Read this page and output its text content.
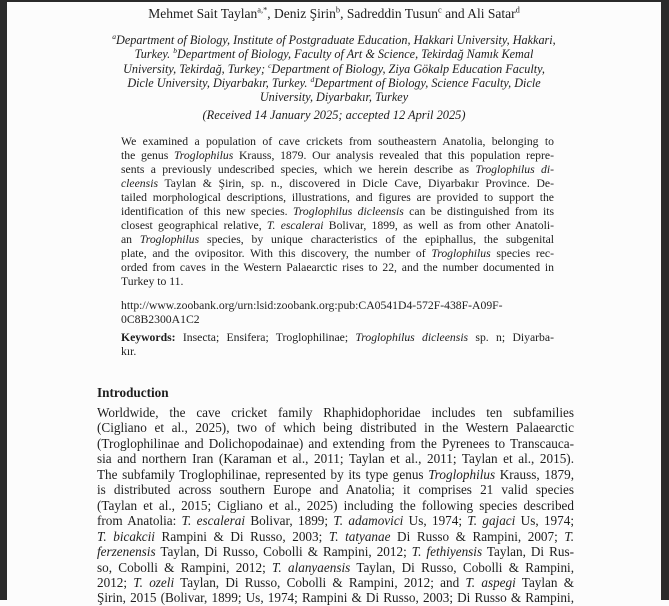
Mehmet Sait Taylan$^{a,*}$, Deniz Şirin$^b$, Sadreddin Tusun$^c$ and Ali Satar$^d$
$^a$Department of Biology, Institute of Postgraduate Education, Hakkari University, Hakkari,
Turkey. $^b$Department of Biology, Faculty of Art & Science, Tekirdağ Namık Kemal
University, Tekirdağ, Turkey; $^c$Department of Biology, Ziya Gökalp Education Faculty,
Dicle University, Diyarbakır, Turkey. $^d$Department of Biology, Science Faculty, Dicle
University, Diyarbakır, Turkey
(Received 14 January 2025; accepted 12 April 2025)
We examined a population of cave crickets from southeastern Anatolia, belonging to
the genus Troglophilus Krauss, 1879. Our analysis revealed that this population repre-
sents a previously undescribed species, which we herein describe as Troglophilus di-
cleensis Taylan & Şirin, sp. n., discovered in Dicle Cave, Diyarbakır Province. De-
tailed morphological descriptions, illustrations, and figures are provided to support the
identification of this new species. Troglophilus dicleensis can be distinguished from its
closest geographical relative, T. escalerai Bolivar, 1899, as well as from other Anatoli-
an Troglophilus species, by unique characteristics of the epiphallus, the subgenital
plate, and the ovipositor. With this discovery, the number of Troglophilus species rec-
orded from caves in the Western Palaearctic rises to 22, and the number documented in
Turkey to 11.
http://www.zoobank.org/urn:lsid:zoobank.org:pub:CA0541D4-572F-438F-A09F-
0C8B2300A1C2
Keywords: Insecta; Ensifera; Troglophilinae; Troglophilus dicleensis sp. n; Diyarba-
kır.
Introduction
Worldwide, the cave cricket family Rhaphidophoridae includes ten subfamilies
(Cigliano et al., 2025), two of which being distributed in the Western Palaearctic
(Troglophilinae and Dolichopodainae) and extending from the Pyrenees to Transcauca-
sia and northern Iran (Karaman et al., 2011; Taylan et al., 2011; Taylan et al., 2015).
The subfamily Troglophilinae, represented by its type genus Troglophilus Krauss, 1879,
is distributed across southern Europe and Anatolia; it comprises 21 valid species
(Taylan et al., 2015; Cigliano et al., 2025) including the following species described
from Anatolia: T. escalerai Bolivar, 1899; T. adamovici Us, 1974; T. gajaci Us, 1974;
T. bicakcii Rampini & Di Russo, 2003; T. tatyanae Di Russo & Rampini, 2007; T.
ferzenensis Taylan, Di Russo, Cobolli & Rampini, 2012; T. fethiyensis Taylan, Di Rus-
so, Cobolli & Rampini, 2012; T. alanyaensis Taylan, Di Russo, Cobolli & Rampini,
2012; T. ozeli Taylan, Di Russo, Cobolli & Rampini, 2012; and T. aspegi Taylan &
Şirin, 2015 (Bolivar, 1899; Us, 1974; Rampini & Di Russo, 2003; Di Russo & Rampini,
